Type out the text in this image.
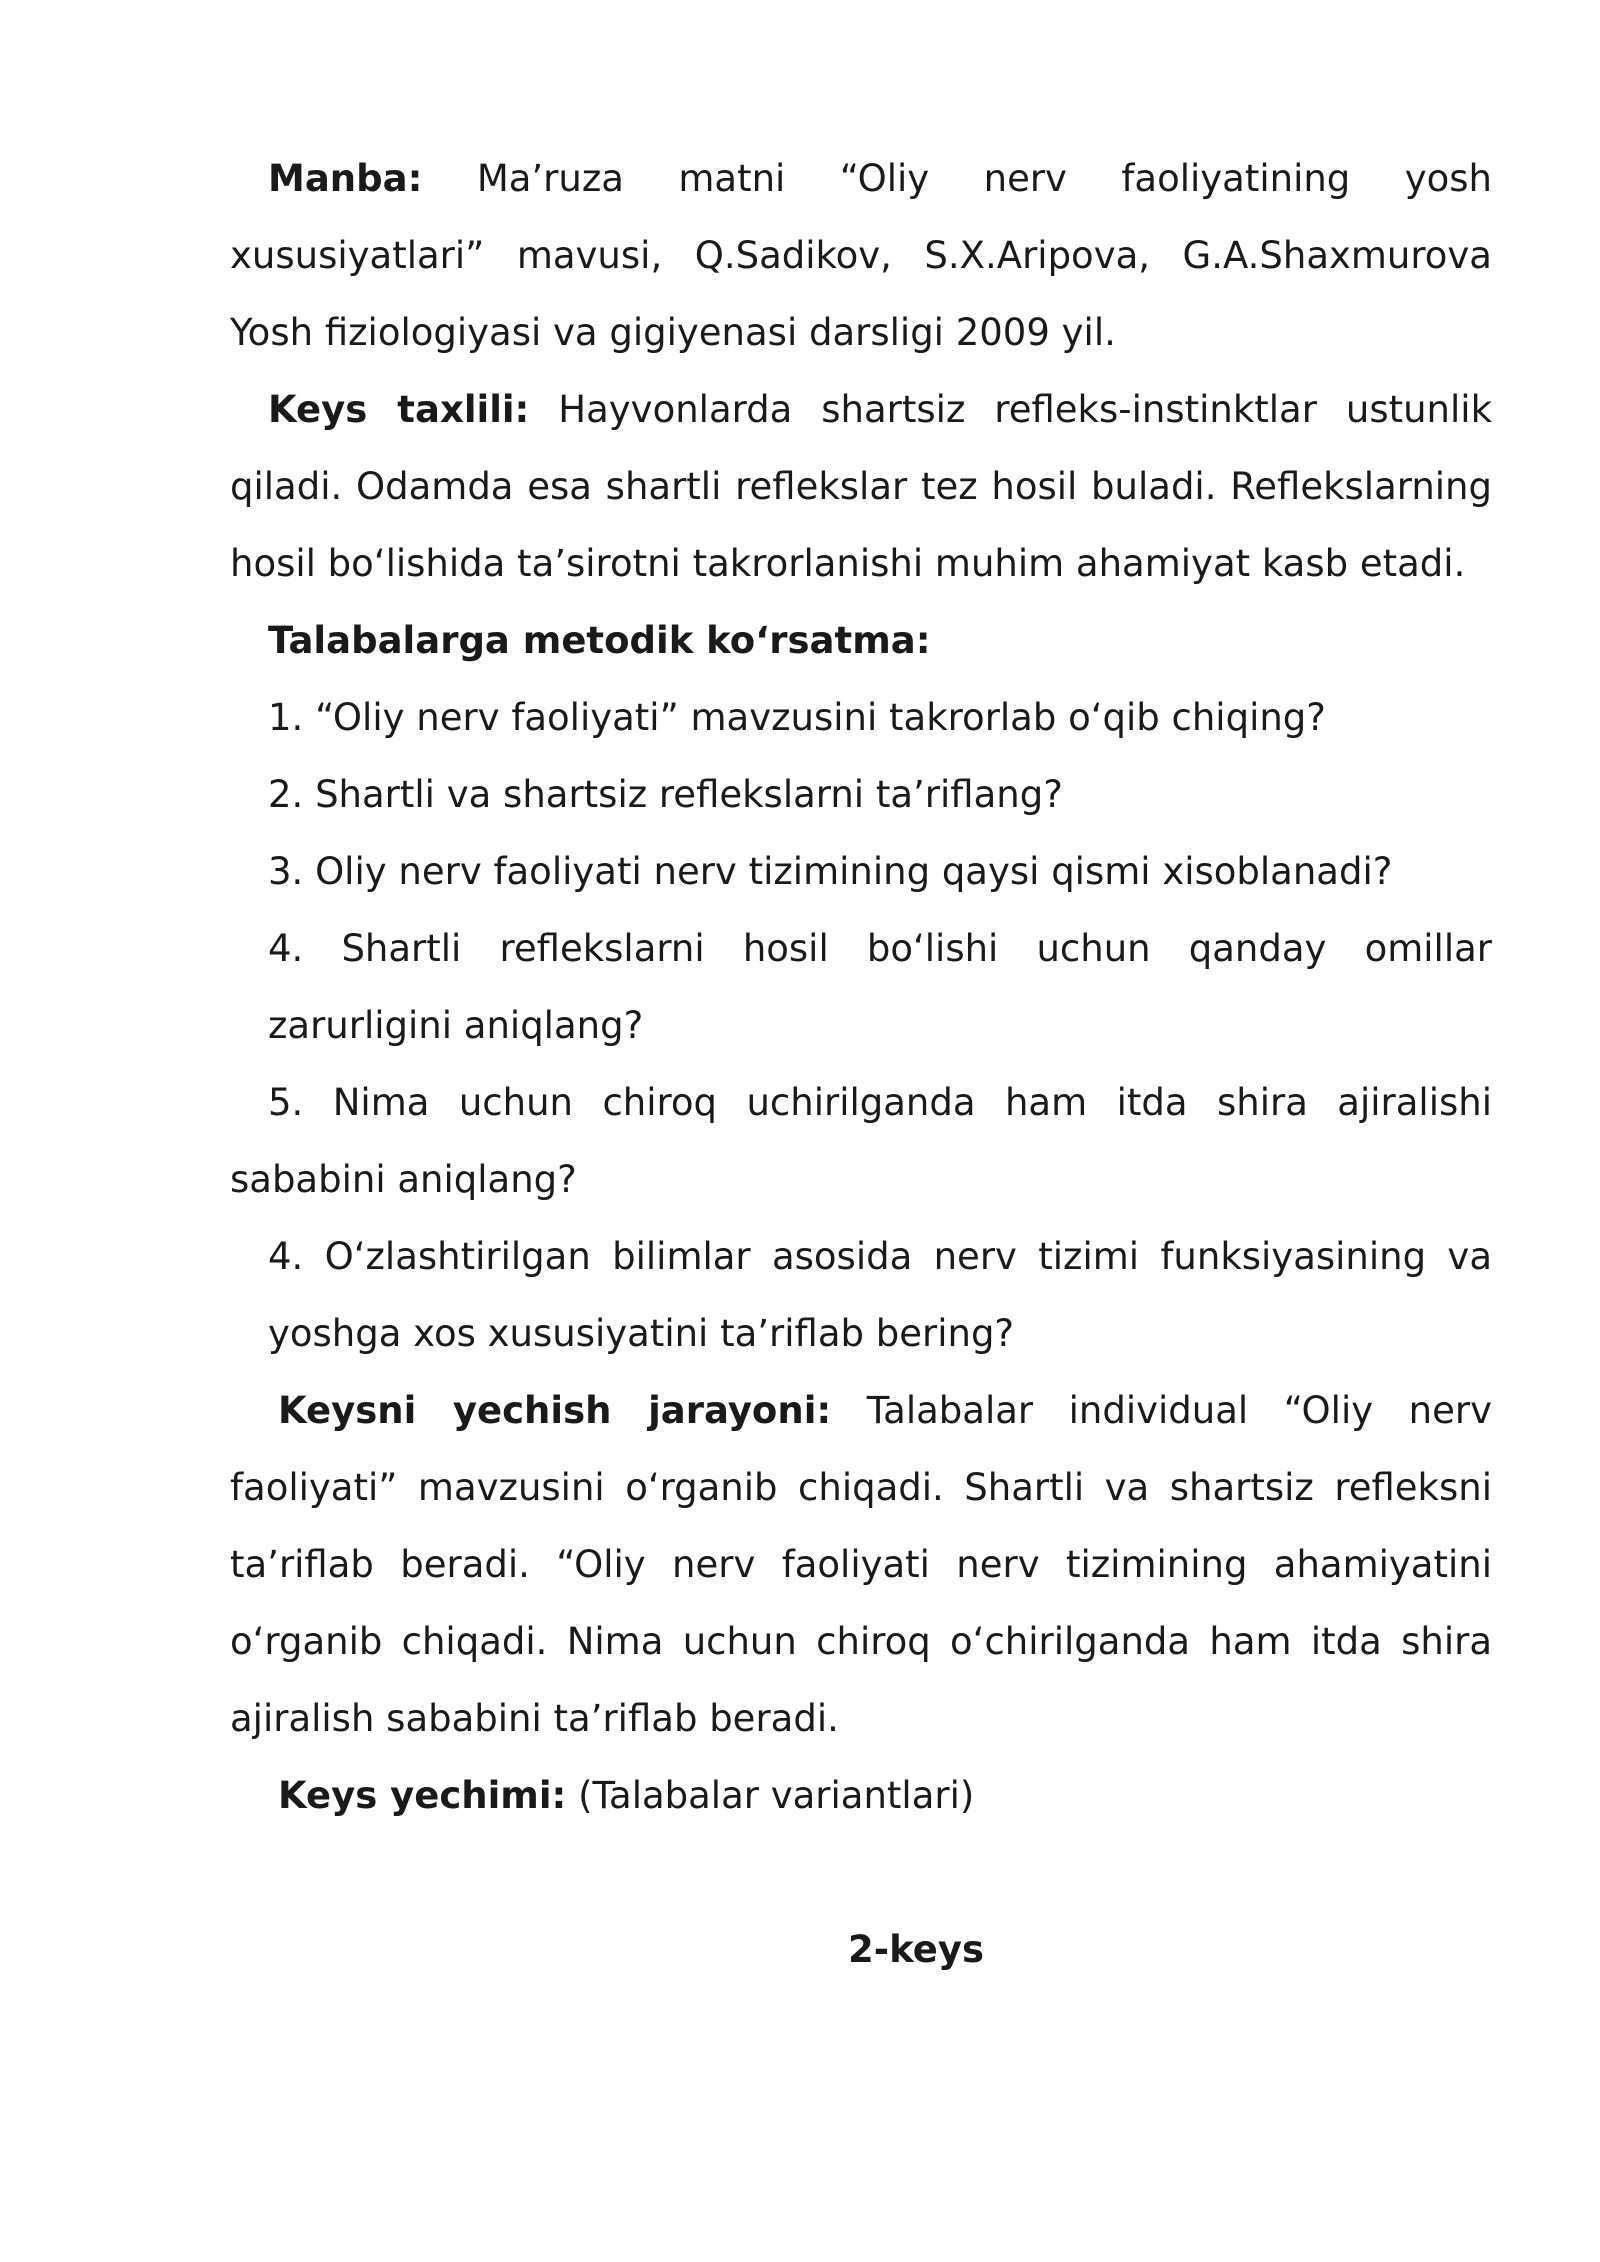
Manba: Ma’ruza matni “Oliy nerv faoliyatining yosh xususiyatlari” mavusi, Q.Sadikov, S.X.Aripova, G.A.Shaxmurova Yosh fiziologiyasi va gigiyenasi darsligi 2009 yil.

Keys taxlili: Hayvonlarda shartsiz refleks-instinktlar ustunlik qiladi. Odamda esa shartli reflekslar tez hosil buladi. Reflekslarning hosil bo‘lishida ta’sirotni takrorlanishi muhim ahamiyat kasb etadi.

Talabalarga metodik ko‘rsatma:

1. “Oliy nerv faoliyati” mavzusini takrorlab o‘qib chiqing?

2. Shartli va shartsiz reflekslarni ta’riflang?

3. Oliy nerv faoliyati nerv tizimining qaysi qismi xisoblanadi?

4. Shartli reflekslarni hosil bo‘lishi uchun qanday omillar zarurligini aniqlang?

5. Nima uchun chiroq uchirilganda ham itda shira ajiralishi sababini aniqlang?

4. O‘zlashtirilgan bilimlar asosida nerv tizimi funksiyasining va yoshga xos xususiyatini ta’riflab bering?

Keysni yechish jarayoni: Talabalar individual “Oliy nerv faoliyati” mavzusini o‘rganib chiqadi. Shartli va shartsiz refleksni ta’riflab beradi. “Oliy nerv faoliyati nerv tizimining ahamiyatini o‘rganib chiqadi. Nima uchun chiroq o‘chirilganda ham itda shira ajiralish sababini ta’riflab beradi.

Keys yechimi: (Talabalar variantlari)

2-keys
